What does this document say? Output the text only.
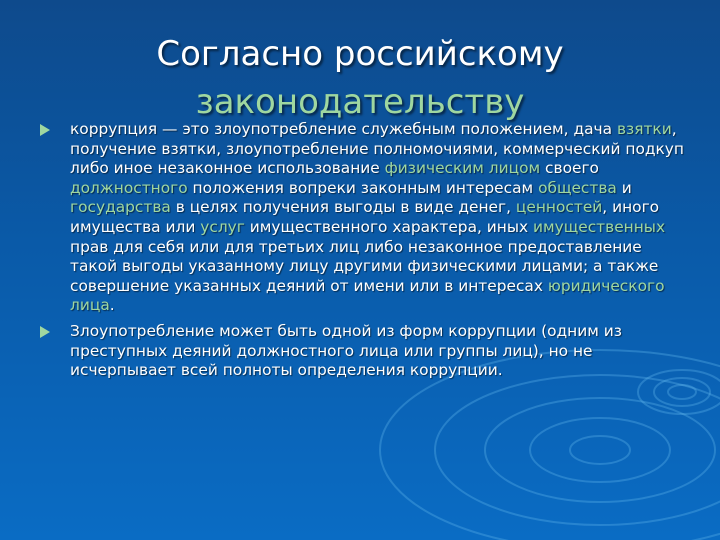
Согласно российскому
законодательству
коррупция — это злоупотребление служебным положением, дача взятки, получение взятки, злоупотребление полномочиями, коммерческий подкуп либо иное незаконное использование физическим лицом своего должностного положения вопреки законным интересам общества и государства в целях получения выгоды в виде денег, ценностей, иного имущества или услуг имущественного характера, иных имущественных прав для себя или для третьих лиц либо незаконное предоставление такой выгоды указанному лицу другими физическими лицами; а также совершение указанных деяний от имени или в интересах юридического лица.
Злоупотребление может быть одной из форм коррупции (одним из преступных деяний должностного лица или группы лиц), но не исчерпывает всей полноты определения коррупции.
